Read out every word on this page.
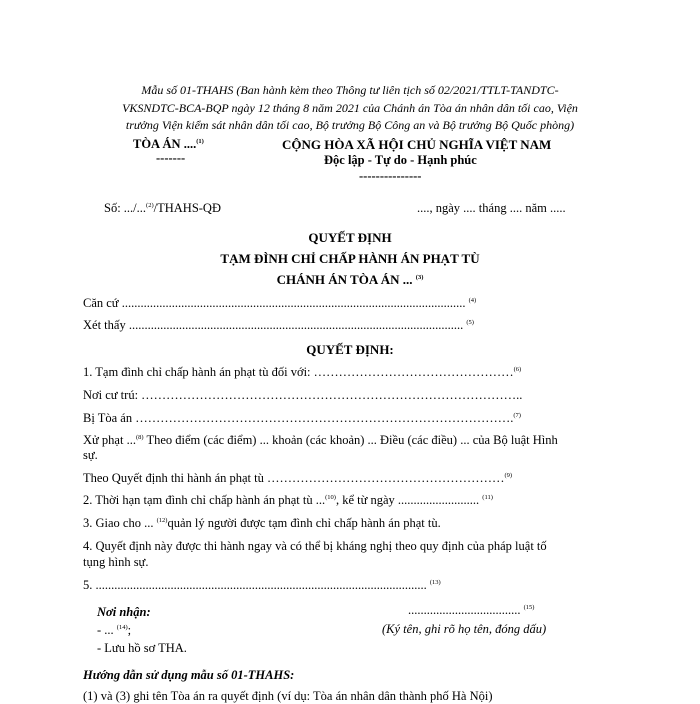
Mẫu số 01-THAHS (Ban hành kèm theo Thông tư liên tịch số 02/2021/TTLT-TANDTC-
VKSNDTC-BCA-BQP ngày 12 tháng 8 năm 2021 của Chánh án Tòa án nhân dân tối cao, Viện
trưởng Viện kiểm sát nhân dân tối cao, Bộ trưởng Bộ Công an và Bộ trưởng Bộ Quốc phòng)
TÒA ÁN ....$^{(1)}$
-------
CỘNG HÒA XÃ HỘI CHỦ NGHĨA VIỆT NAM
Độc lập - Tự do - Hạnh phúc
---------------
Số: .../...$^{(2)}$/THAHS-QĐ	...., ngày .... tháng .... năm .....
QUYẾT ĐỊNH
TẠM ĐÌNH CHỈ CHẤP HÀNH ÁN PHẠT TÙ
CHÁNH ÁN TÒA ÁN ... $^{(3)}$
Căn cứ .............................................................................................................. $^{(4)}$
Xét thấy ........................................................................................................... $^{(5)}$
QUYẾT ĐỊNH:
1. Tạm đình chỉ chấp hành án phạt tù đối với: …………………………………………$^{(6)}$
Nơi cư trú: ………………………………………………………………………………..
Bị Tòa án ……………………………………………………………………………….$^{(7)}$
Xử phạt ...$^{(8)}$ Theo điểm (các điểm) ... khoản (các khoản) ... Điều (các điều) ... của Bộ luật Hình
sự.
Theo Quyết định thi hành án phạt tù …………………………………………………$^{(9)}$
2. Thời hạn tạm đình chỉ chấp hành án phạt tù ...$^{(10)}$, kể từ ngày .......................... $^{(11)}$
3. Giao cho ... $^{(12)}$quản lý người được tạm đình chỉ chấp hành án phạt tù.
4. Quyết định này được thi hành ngay và có thể bị kháng nghị theo quy định của pháp luật tố
tụng hình sự.
5. .......................................................................................................... $^{(13)}$
Nơi nhận:
- ... $^{(14)}$;
- Lưu hồ sơ THA.
.................................... $^{(15)}$
(Ký tên, ghi rõ họ tên, đóng dấu)
Hướng dẫn sử dụng mẫu số 01-THAHS:
(1) và (3) ghi tên Tòa án ra quyết định (ví dụ: Tòa án nhân dân thành phố Hà Nội)
